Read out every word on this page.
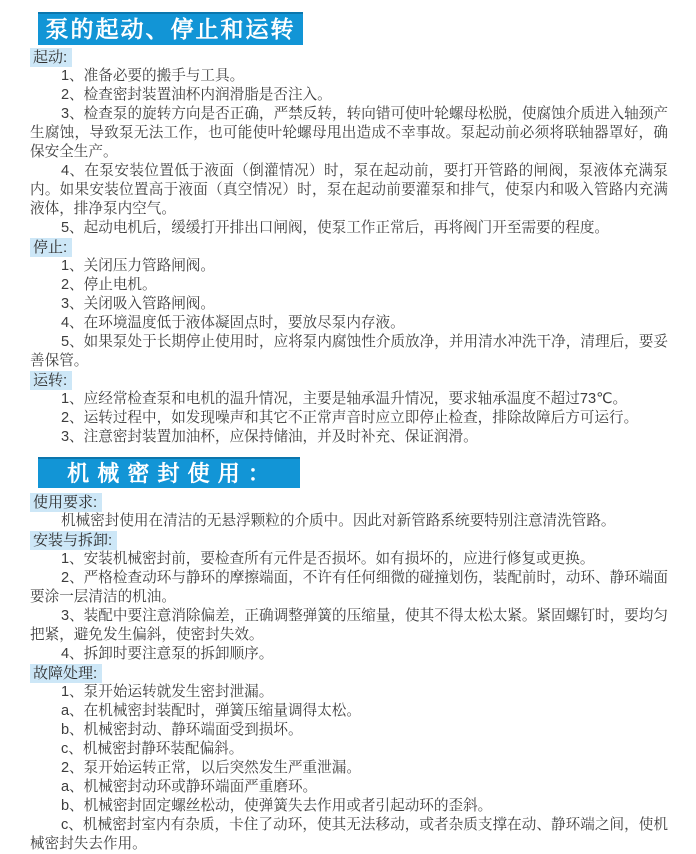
泵的起动、停止和运转

起动:

1、准备必要的搬手与工具。

2、检查密封装置油杯内润滑脂是否注入。

3、检查泵的旋转方向是否正确，严禁反转，转向错可使叶轮螺母松脱，使腐蚀介质进入轴颈产生腐蚀，导致泵无法工作，也可能使叶轮螺母甩出造成不幸事故。泵起动前必须将联轴器罩好，确保安全生产。

4、在泵安装位置低于液面（倒灌情况）时，泵在起动前，要打开管路的闸阀，泵液体充满泵内。如果安装位置高于液面（真空情况）时，泵在起动前要灌泵和排气，使泵内和吸入管路内充满液体，排净泵内空气。

5、起动电机后，缓缓打开排出口闸阀，使泵工作正常后，再将阀门开至需要的程度。

停止:

1、关闭压力管路闸阀。

2、停止电机。

3、关闭吸入管路闸阀。

4、在环境温度低于液体凝固点时，要放尽泵内存液。

5、如果泵处于长期停止使用时，应将泵内腐蚀性介质放净，并用清水冲洗干净，清理后，要妥善保管。

运转:

1、应经常检查泵和电机的温升情况，主要是轴承温升情况，要求轴承温度不超过73℃。

2、运转过程中，如发现噪声和其它不正常声音时应立即停止检查，排除故障后方可运行。

3、注意密封装置加油杯，应保持储油，并及时补充、保证润滑。

机 械 密 封 使 用 ：

使用要求:

机械密封使用在清洁的无悬浮颗粒的介质中。因此对新管路系统要特别注意清洗管路。

安装与拆卸:

1、安装机械密封前，要检查所有元件是否损坏。如有损坏的，应进行修复或更换。

2、严格检查动环与静环的摩擦端面，不许有任何细微的碰撞划伤，装配前时，动环、静环端面要涂一层清洁的机油。

3、装配中要注意消除偏差，正确调整弹簧的压缩量，使其不得太松太紧。紧固螺钉时，要均匀把紧，避免发生偏斜，使密封失效。

4、拆卸时要注意泵的拆卸顺序。

故障处理:

1、泵开始运转就发生密封泄漏。

a、在机械密封装配时，弹簧压缩量调得太松。

b、机械密封动、静环端面受到损坏。

c、机械密封静环装配偏斜。

2、泵开始运转正常，以后突然发生严重泄漏。

a、机械密封动环或静环端面严重磨环。

b、机械密封固定螺丝松动，使弹簧失去作用或者引起动环的歪斜。

c、机械密封室内有杂质，卡住了动环，使其无法移动，或者杂质支撑在动、静环端之间，使机械密封失去作用。
